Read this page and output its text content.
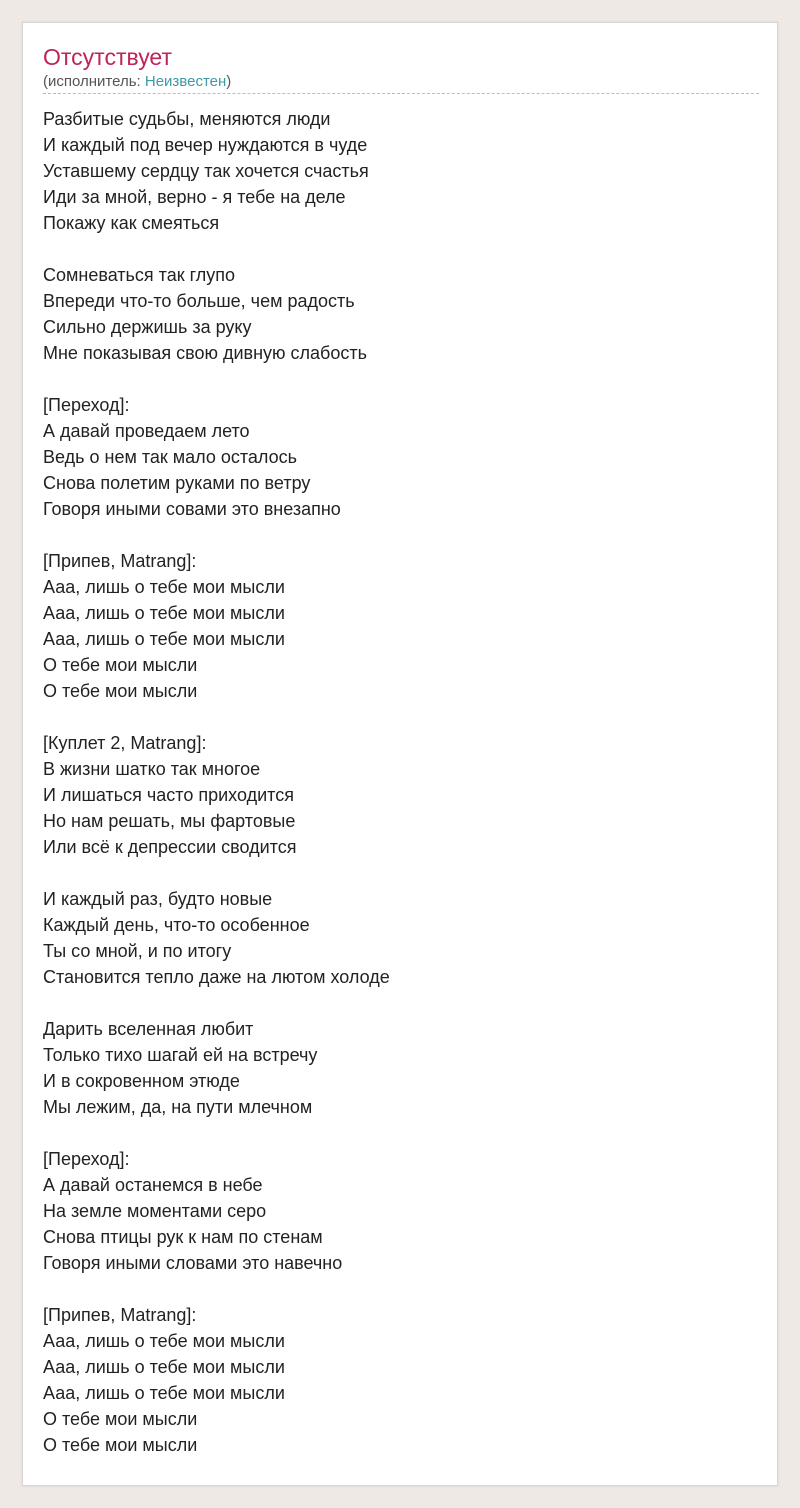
Отсутствует
(исполнитель: Неизвестен)
Разбитые судьбы, меняются люди
И каждый под вечер нуждаются в чуде
Уставшему сердцу так хочется счастья
Иди за мной, верно - я тебе на деле
Покажу как смеяться
Сомневаться так глупо
Впереди что-то больше, чем радость
Сильно держишь за руку
Мне показывая свою дивную слабость
[Переход]:
А давай проведаем лето
Ведь о нем так мало осталось
Снова полетим руками по ветру
Говоря иными совами это внезапно
[Припев, Matrang]:
Ааа, лишь о тебе мои мысли
Ааа, лишь о тебе мои мысли
Ааа, лишь о тебе мои мысли
О тебе мои мысли
О тебе мои мысли
[Куплет 2, Matrang]:
В жизни шатко так многое
И лишаться часто приходится
Но нам решать, мы фартовые
Или всё к депрессии сводится
И каждый раз, будто новые
Каждый день, что-то особенное
Ты со мной, и по итогу
Становится тепло даже на лютом холоде
Дарить вселенная любит
Только тихо шагай ей на встречу
И в сокровенном этюде
Мы лежим, да, на пути млечном
[Переход]:
А давай останемся в небе
На земле моментами серо
Снова птицы рук к нам по стенам
Говоря иными словами это навечно
[Припев, Matrang]:
Ааа, лишь о тебе мои мысли
Ааа, лишь о тебе мои мысли
Ааа, лишь о тебе мои мысли
О тебе мои мысли
О тебе мои мысли
